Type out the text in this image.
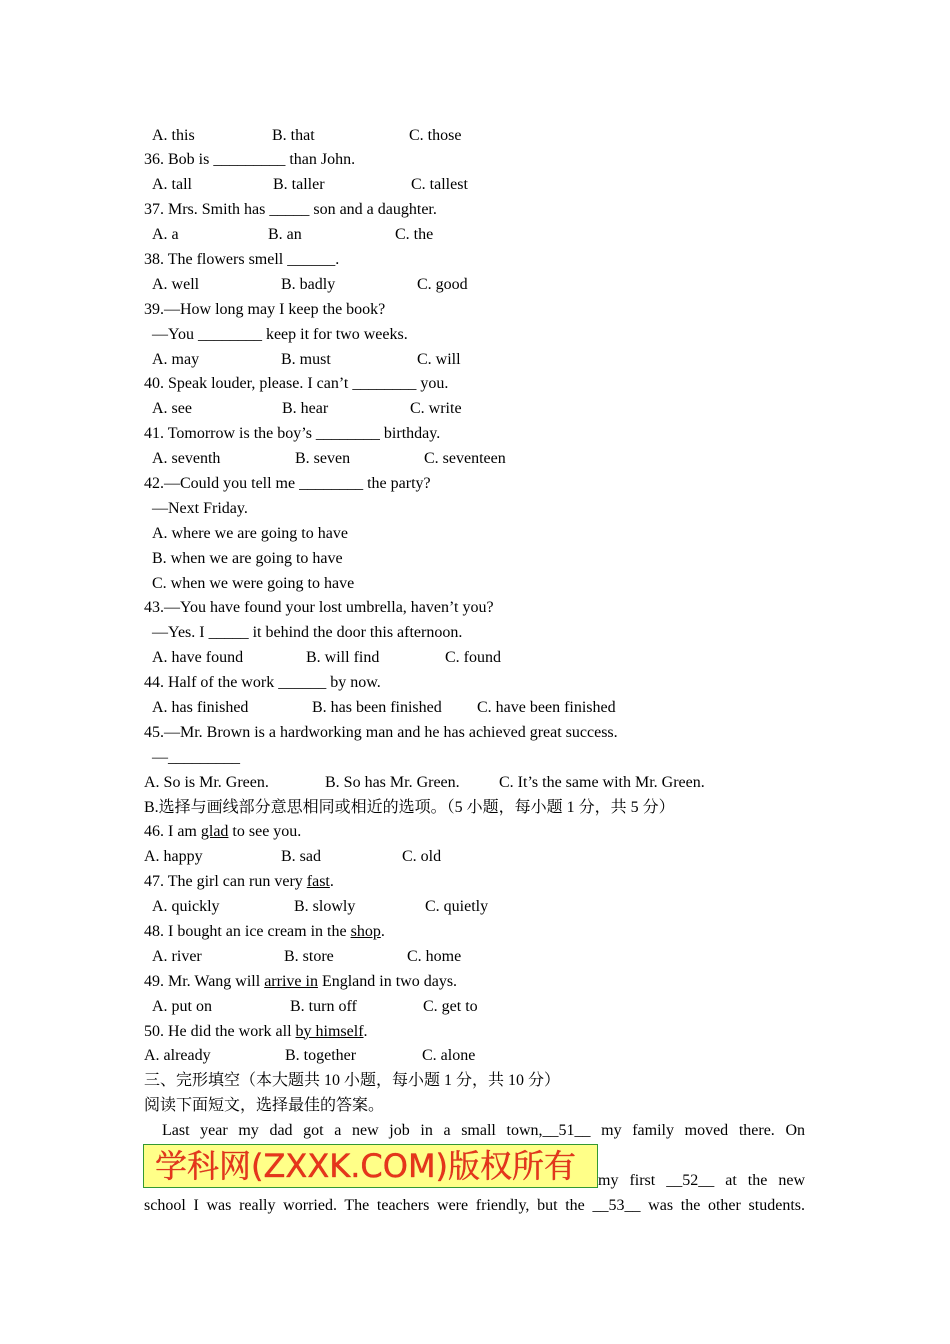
A. this	B. that	C. those
36. Bob is _________ than John.
A. tall	B. taller	C. tallest
37. Mrs. Smith has _____ son and a daughter.
A. a	B. an	C. the
38. The flowers smell ______.
A. well	B. badly	C. good
39.—How long may I keep the book?
—You ________ keep it for two weeks.
A. may	B. must	C. will
40. Speak louder, please. I can’t ________ you.
A. see	B. hear	C. write
41. Tomorrow is the boy’s ________ birthday.
A. seventh	B. seven	C. seventeen
42.—Could you tell me ________ the party?
—Next Friday.
A. where we are going to have
B. when we are going to have
C. when we were going to have
43.—You have found your lost umbrella, haven’t you?
—Yes. I _____ it behind the door this afternoon.
A. have found	B. will find	C. found
44. Half of the work ______ by now.
A. has finished	B. has been finished C. have been finished
45.—Mr. Brown is a hardworking man and he has achieved great success.
—_________
A. So is Mr. Green.	B. So has Mr. Green. C. It’s the same with Mr. Green.
B.选择与画线部分意思相同或相近的选项。（5 小题，每小题 1 分，共 5 分）
46. I am glad to see you.
A. happy	B. sad	C. old
47. The girl can run very fast.
A. quickly	B. slowly	C. quietly
48. I bought an ice cream in the shop.
A. river	B. store	C. home
49. Mr. Wang will arrive in England in two days.
A. put on	B. turn off	C. get to
50. He did the work all by himself.
A. already	B. together	C. alone
三、完形填空（本大题共 10 小题，每小题 1 分，共 10 分）
阅读下面短文，选择最佳的答案。
Last year my dad got a new job in a small town,__51__ my family moved there. On
学科网(ZXXK.COM)版权所有	my first __52__ at the new
school I was really worried. The teachers were friendly, but the __53__ was the other students.
